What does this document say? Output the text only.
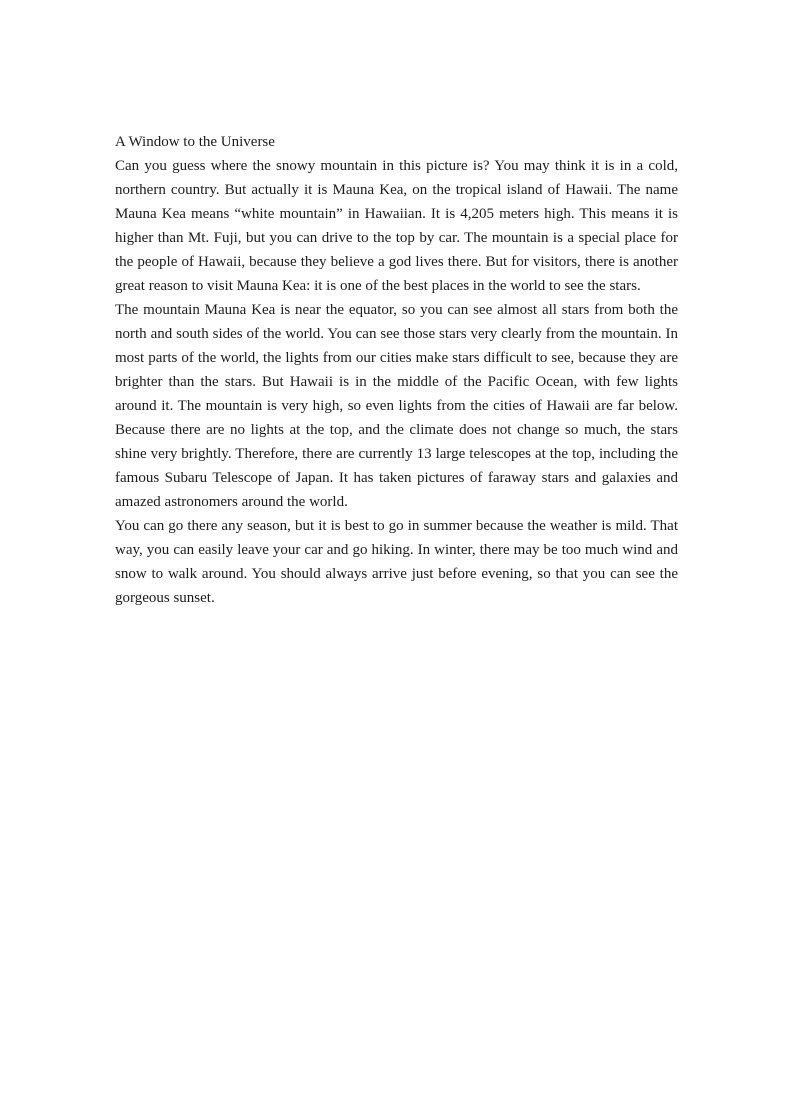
A Window to the Universe

Can you guess where the snowy mountain in this picture is? You may think it is in a cold, northern country. But actually it is Mauna Kea, on the tropical island of Hawaii. The name Mauna Kea means “white mountain” in Hawaiian. It is 4,205 meters high. This means it is higher than Mt. Fuji, but you can drive to the top by car. The mountain is a special place for the people of Hawaii, because they believe a god lives there. But for visitors, there is another great reason to visit Mauna Kea: it is one of the best places in the world to see the stars.

The mountain Mauna Kea is near the equator, so you can see almost all stars from both the north and south sides of the world. You can see those stars very clearly from the mountain. In most parts of the world, the lights from our cities make stars difficult to see, because they are brighter than the stars. But Hawaii is in the middle of the Pacific Ocean, with few lights around it. The mountain is very high, so even lights from the cities of Hawaii are far below. Because there are no lights at the top, and the climate does not change so much, the stars shine very brightly. Therefore, there are currently 13 large telescopes at the top, including the famous Subaru Telescope of Japan. It has taken pictures of faraway stars and galaxies and amazed astronomers around the world.

You can go there any season, but it is best to go in summer because the weather is mild. That way, you can easily leave your car and go hiking. In winter, there may be too much wind and snow to walk around. You should always arrive just before evening, so that you can see the gorgeous sunset.
